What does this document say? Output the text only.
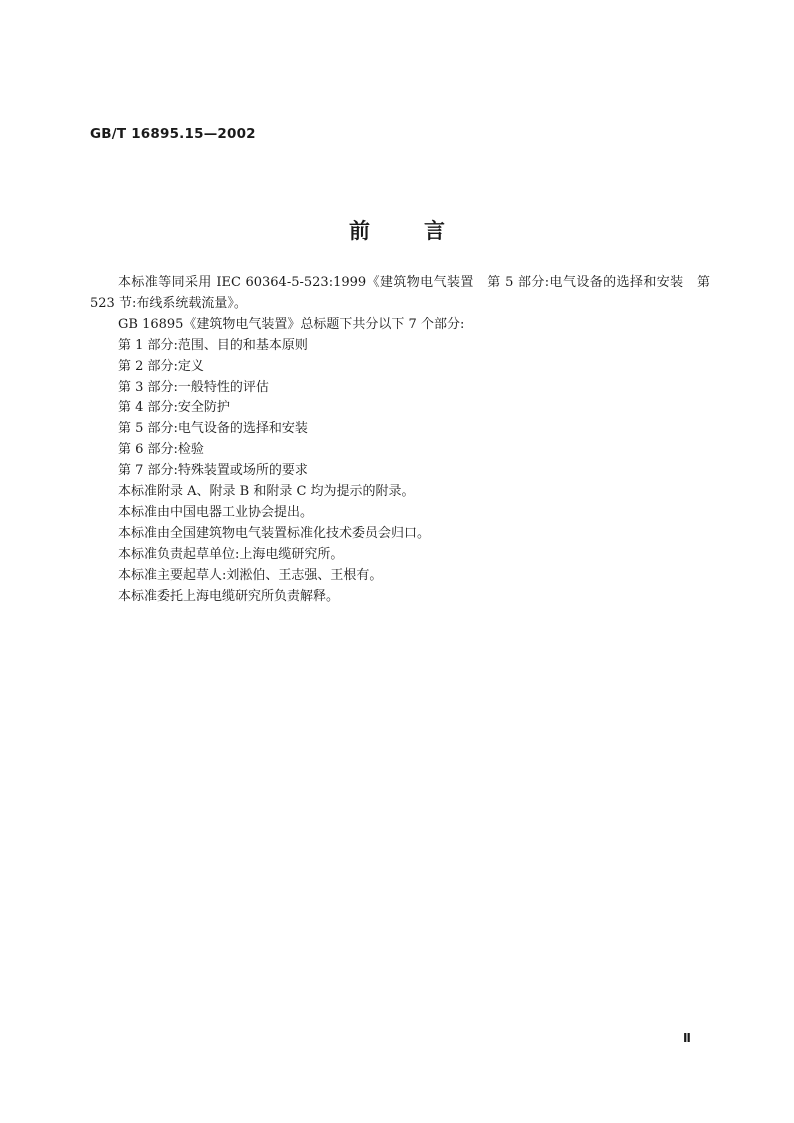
GB/T 16895.15—2002
前	言

本标准等同采用 IEC 60364-5-523:1999《建筑物电气装置　第 5 部分:电气设备的选择和安装　第 523 节:布线系统载流量》。

GB 16895《建筑物电气装置》总标题下共分以下 7 个部分:

第 1 部分:范围、目的和基本原则

第 2 部分:定义

第 3 部分:一般特性的评估

第 4 部分:安全防护

第 5 部分:电气设备的选择和安装

第 6 部分:检验

第 7 部分:特殊装置或场所的要求

本标准附录 A、附录 B 和附录 C 均为提示的附录。

本标准由中国电器工业协会提出。

本标准由全国建筑物电气装置标准化技术委员会归口。

本标准负责起草单位:上海电缆研究所。

本标准主要起草人:刘淞伯、王志强、王根有。

本标准委托上海电缆研究所负责解释。

Ⅱ
